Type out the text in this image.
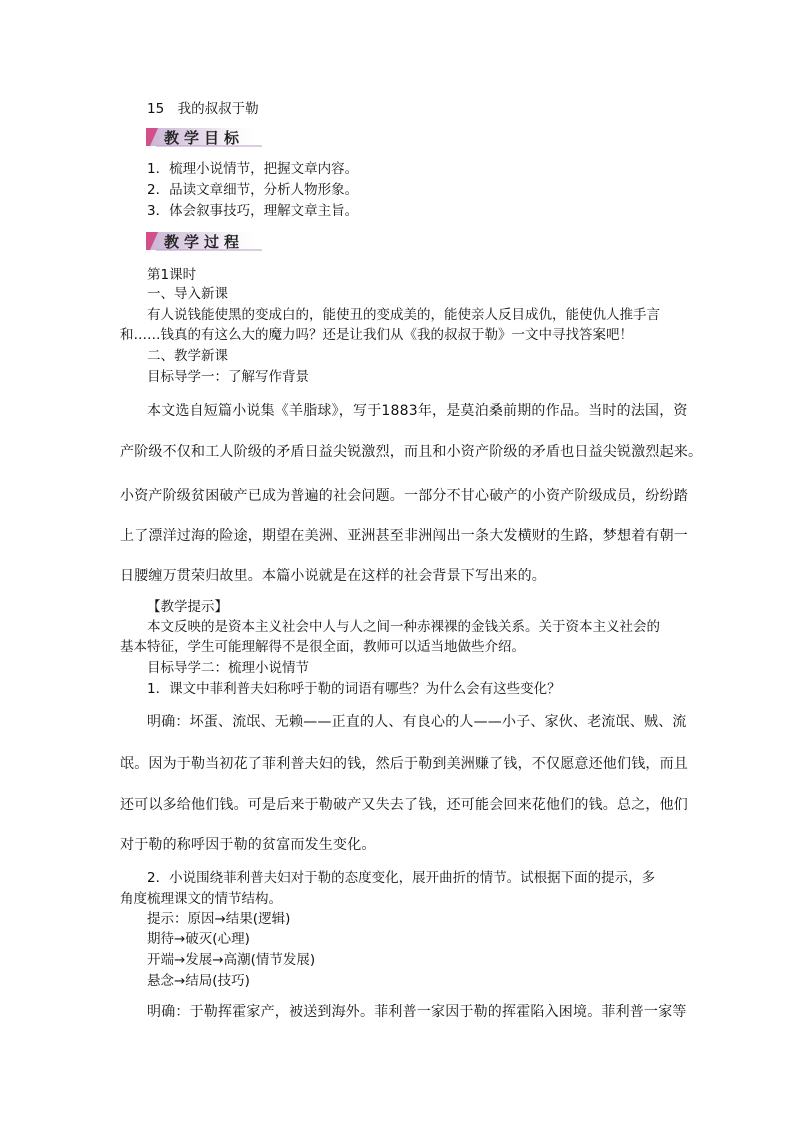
15　我的叔叔于勒
教学目标
1．梳理小说情节，把握文章内容。
2．品读文章细节，分析人物形象。
3．体会叙事技巧，理解文章主旨。
教学过程
第1课时
一、导入新课
有人说钱能使黑的变成白的，能使丑的变成美的，能使亲人反目成仇，能使仇人推手言
和……钱真的有这么大的魔力吗？还是让我们从《我的叔叔于勒》一文中寻找答案吧！
二、教学新课
目标导学一：了解写作背景
本文选自短篇小说集《羊脂球》，写于1883年，是莫泊桑前期的作品。当时的法国，资
产阶级不仅和工人阶级的矛盾日益尖锐激烈，而且和小资产阶级的矛盾也日益尖锐激烈起来。
小资产阶级贫困破产已成为普遍的社会问题。一部分不甘心破产的小资产阶级成员，纷纷踏
上了漂洋过海的险途，期望在美洲、亚洲甚至非洲闯出一条大发横财的生路，梦想着有朝一
日腰缠万贯荣归故里。本篇小说就是在这样的社会背景下写出来的。
【教学提示】
本文反映的是资本主义社会中人与人之间一种赤裸裸的金钱关系。关于资本主义社会的
基本特征，学生可能理解得不是很全面，教师可以适当地做些介绍。
目标导学二：梳理小说情节
1．课文中菲利普夫妇称呼于勒的词语有哪些？为什么会有这些变化？
明确：坏蛋、流氓、无赖——正直的人、有良心的人——小子、家伙、老流氓、贼、流
氓。因为于勒当初花了菲利普夫妇的钱，然后于勒到美洲赚了钱，不仅愿意还他们钱，而且
还可以多给他们钱。可是后来于勒破产又失去了钱，还可能会回来花他们的钱。总之，他们
对于勒的称呼因于勒的贫富而发生变化。
2．小说围绕菲利普夫妇对于勒的态度变化，展开曲折的情节。试根据下面的提示，多
角度梳理课文的情节结构。
提示：原因→结果(逻辑)
期待→破灭(心理)
开端→发展→高潮(情节发展)
悬念→结局(技巧)
明确：于勒挥霍家产，被送到海外。菲利普一家因于勒的挥霍陷入困境。菲利普一家等
